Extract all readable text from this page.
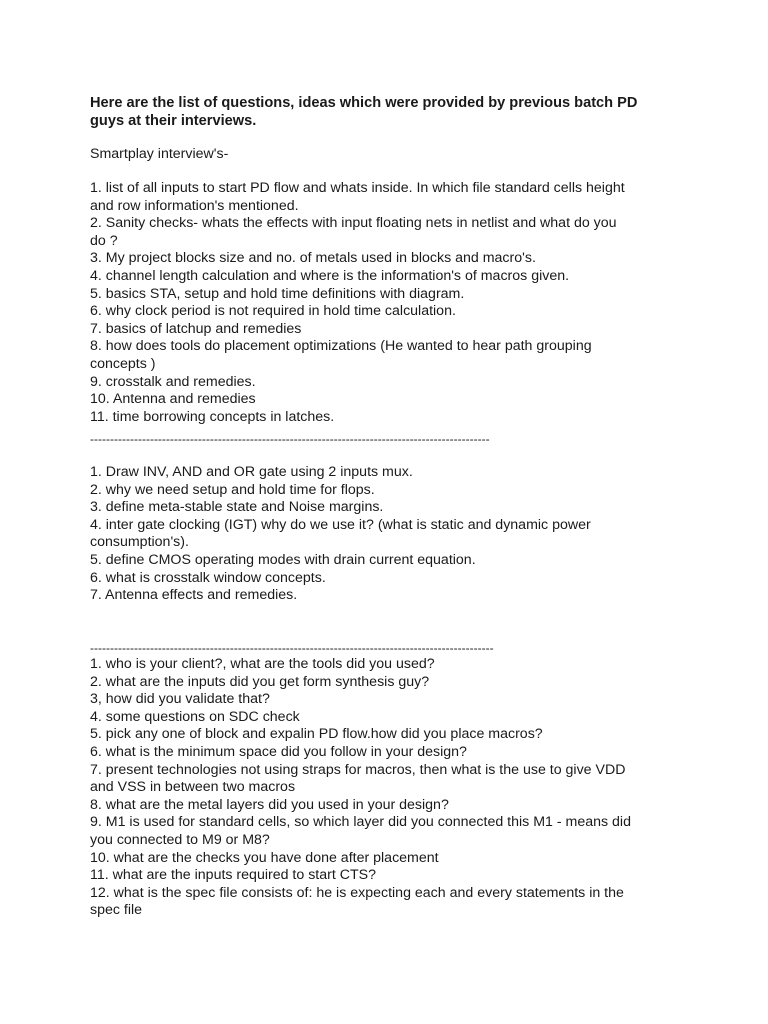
Here are the list of questions, ideas which were provided by previous batch PD
guys at their interviews.
Smartplay interview's-
1. list of all inputs to start PD flow and whats inside. In which file standard cells height
and row information's mentioned.
2. Sanity checks- whats the effects with input floating nets in netlist and what do you
do ?
3. My project blocks size and no. of metals used in blocks and macro's.
4. channel length calculation and where is the information's of macros given.
5. basics STA, setup and hold time definitions with diagram.
6. why clock period is not required in hold time calculation.
7. basics of latchup and remedies
8. how does tools do placement optimizations (He wanted to hear path grouping
concepts )
9. crosstalk and remedies.
10. Antenna and remedies
11. time borrowing concepts in latches.
----------------------------------------------------------------------------------------------------
1. Draw INV, AND and OR gate using 2 inputs mux.
2. why we need setup and hold time for flops.
3. define meta-stable state and Noise margins.
4. inter gate clocking (IGT) why do we use it? (what is static and dynamic power
consumption's).
5. define CMOS operating modes with drain current equation.
6. what is crosstalk window concepts.
7. Antenna effects and remedies.
-----------------------------------------------------------------------------------------------------
1. who is your client?, what are the tools did you used?
2. what are the inputs did you get form synthesis guy?
3, how did you validate that?
4. some questions on SDC check
5. pick any one of block and expalin PD flow.how did you place macros?
6. what is the minimum space did you follow in your design?
7. present technologies not using straps for macros, then what is the use to give VDD
and VSS in between two macros
8. what are the metal layers did you used in your design?
9. M1 is used for standard cells, so which layer did you connected this M1 - means did
you connected to M9 or M8?
10. what are the checks you have done after placement
11. what are the inputs required to start CTS?
12. what is the spec file consists of: he is expecting each and every statements in the
spec file
